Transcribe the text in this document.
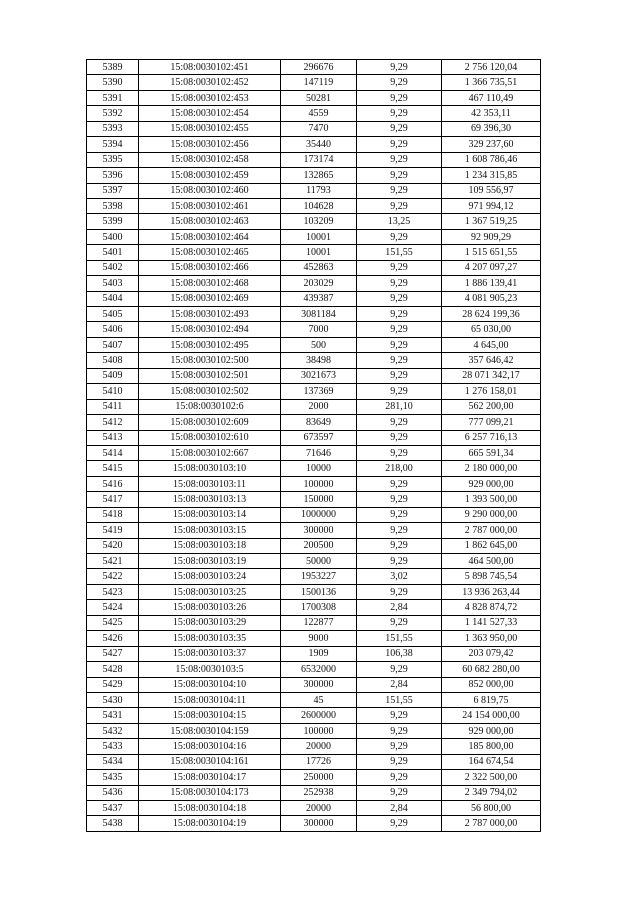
5389	15:08:0030102:451	296676	9,29	2 756 120,04
5390	15:08:0030102:452	147119	9,29	1 366 735,51
5391	15:08:0030102:453	50281	9,29	467 110,49
5392	15:08:0030102:454	4559	9,29	42 353,11
5393	15:08:0030102:455	7470	9,29	69 396,30
5394	15:08:0030102:456	35440	9,29	329 237,60
5395	15:08:0030102:458	173174	9,29	1 608 786,46
5396	15:08:0030102:459	132865	9,29	1 234 315,85
5397	15:08:0030102:460	11793	9,29	109 556,97
5398	15:08:0030102:461	104628	9,29	971 994,12
5399	15:08:0030102:463	103209	13,25	1 367 519,25
5400	15:08:0030102:464	10001	9,29	92 909,29
5401	15:08:0030102:465	10001	151,55	1 515 651,55
5402	15:08:0030102:466	452863	9,29	4 207 097,27
5403	15:08:0030102:468	203029	9,29	1 886 139,41
5404	15:08:0030102:469	439387	9,29	4 081 905,23
5405	15:08:0030102:493	3081184	9,29	28 624 199,36
5406	15:08:0030102:494	7000	9,29	65 030,00
5407	15:08:0030102:495	500	9,29	4 645,00
5408	15:08:0030102:500	38498	9,29	357 646,42
5409	15:08:0030102:501	3021673	9,29	28 071 342,17
5410	15:08:0030102:502	137369	9,29	1 276 158,01
5411	15:08:0030102:6	2000	281,10	562 200,00
5412	15:08:0030102:609	83649	9,29	777 099,21
5413	15:08:0030102:610	673597	9,29	6 257 716,13
5414	15:08:0030102:667	71646	9,29	665 591,34
5415	15:08:0030103:10	10000	218,00	2 180 000,00
5416	15:08:0030103:11	100000	9,29	929 000,00
5417	15:08:0030103:13	150000	9,29	1 393 500,00
5418	15:08:0030103:14	1000000	9,29	9 290 000,00
5419	15:08:0030103:15	300000	9,29	2 787 000,00
5420	15:08:0030103:18	200500	9,29	1 862 645,00
5421	15:08:0030103:19	50000	9,29	464 500,00
5422	15:08:0030103:24	1953227	3,02	5 898 745,54
5423	15:08:0030103:25	1500136	9,29	13 936 263,44
5424	15:08:0030103:26	1700308	2,84	4 828 874,72
5425	15:08:0030103:29	122877	9,29	1 141 527,33
5426	15:08:0030103:35	9000	151,55	1 363 950,00
5427	15:08:0030103:37	1909	106,38	203 079,42
5428	15:08:0030103:5	6532000	9,29	60 682 280,00
5429	15:08:0030104:10	300000	2,84	852 000,00
5430	15:08:0030104:11	45	151,55	6 819,75
5431	15:08:0030104:15	2600000	9,29	24 154 000,00
5432	15:08:0030104:159	100000	9,29	929 000,00
5433	15:08:0030104:16	20000	9,29	185 800,00
5434	15:08:0030104:161	17726	9,29	164 674,54
5435	15:08:0030104:17	250000	9,29	2 322 500,00
5436	15:08:0030104:173	252938	9,29	2 349 794,02
5437	15:08:0030104:18	20000	2,84	56 800,00
5438	15:08:0030104:19	300000	9,29	2 787 000,00
